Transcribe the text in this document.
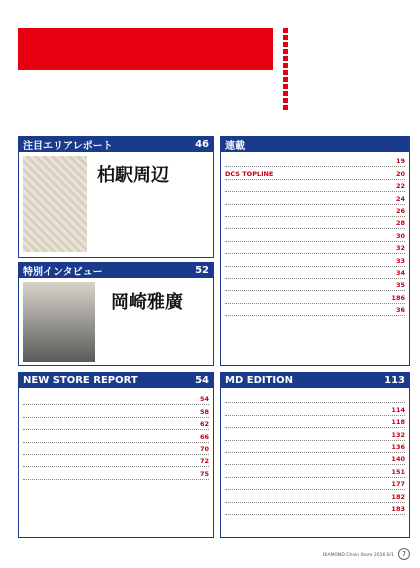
注目エリアレポート	46
柏駅周辺
特別インタビュー	52
岡崎雅廣
NEW STORE REPORT	54
54
58
62
66
70
72
75
連載
19
DCS TOPLINE	20
22
24
26
28
30
32
33
34
35
186
36
MD EDITION	113
114
118
132
136
140
151
177
182
183
DIAMOND Chain Store 2016.6/1	7
